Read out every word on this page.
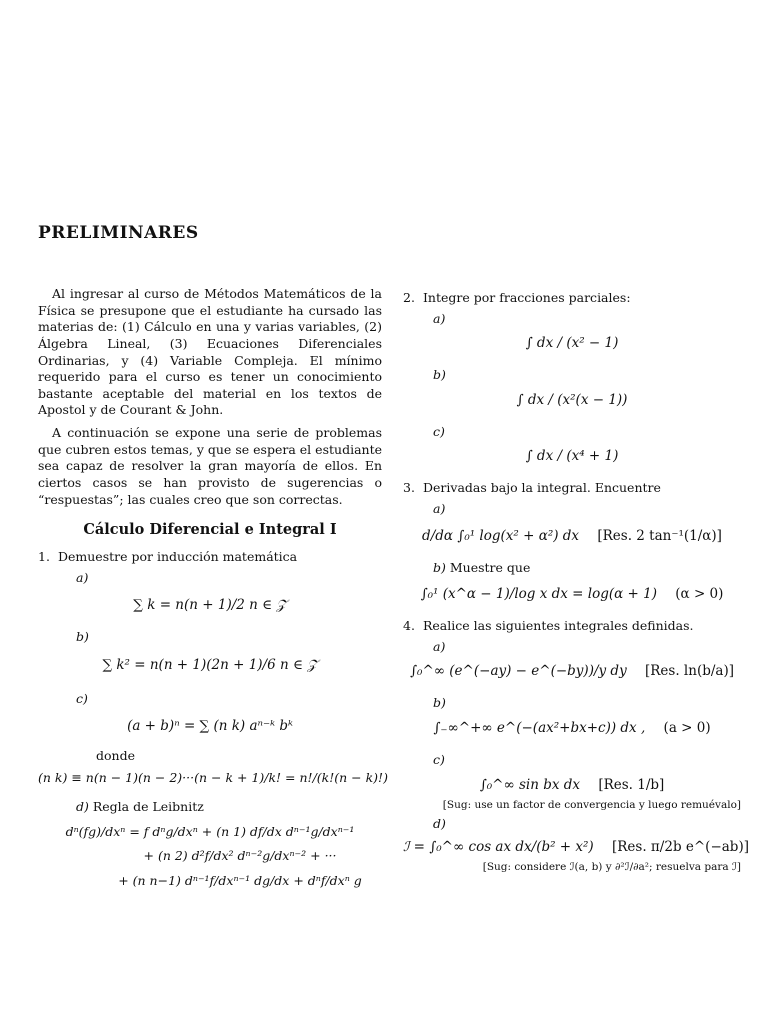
PRELIMINARES

Al ingresar al curso de Métodos Matemáticos de la Física se presupone que el estudiante ha cursado las materias de: (1) Cálculo en una y varias variables, (2) Álgebra Lineal, (3) Ecuaciones Diferenciales Ordinarias, y (4) Variable Compleja. El mínimo requerido para el curso es tener un conocimiento bastante aceptable del material en los textos de Apostol y de Courant & John.

A continuación se expone una serie de problemas que cubren estos temas, y que se espera el estudiante sea capaz de resolver la gran mayoría de ellos. En ciertos casos se han provisto de sugerencias o “respuestas”; las cuales creo que son correctas.

Cálculo Diferencial e Integral I
1. Demuestre por inducción matemática
a)
∑ k = n(n + 1)/2 n ∈ 𝒵
b)
∑ k² = n(n + 1)(2n + 1)/6 n ∈ 𝒵
c)
(a + b)ⁿ = ∑ (n k) aⁿ⁻ᵏ bᵏ
donde
(n k) ≡ n(n − 1)(n − 2)···(n − k + 1)/k! = n!/(k!(n − k)!)
d) Regla de Leibnitz
dⁿ(fg)/dxⁿ = f dⁿg/dxⁿ + (n 1) df/dx dⁿ⁻¹g/dxⁿ⁻¹
+ (n 2) d²f/dx² dⁿ⁻²g/dxⁿ⁻² + ···
+ (n n−1) dⁿ⁻¹f/dxⁿ⁻¹ dg/dx + dⁿf/dxⁿ g
2. Integre por fracciones parciales:
a)
∫ dx / (x² − 1)
b)
∫ dx / (x²(x − 1))
c)
∫ dx / (x⁴ + 1)
3. Derivadas bajo la integral. Encuentre
a)
d/dα ∫₀¹ log(x² + α²) dx [Res. 2 tan⁻¹(1/α)]
b) Muestre que
∫₀¹ (x^α − 1)/log x dx = log(α + 1) (α > 0)
4. Realice las siguientes integrales definidas.
a)
∫₀^∞ (e^(−ay) − e^(−by))/y dy [Res. ln(b/a)]
b)
∫₋∞^+∞ e^(−(ax²+bx+c)) dx , (a > 0)
c)
∫₀^∞ sin bx dx [Res. 1/b]
[Sug: use un factor de convergencia y luego remuévalo]
d)
ℐ = ∫₀^∞ cos ax dx/(b² + x²) [Res. π/2b e^(−ab)]
[Sug: considere ℐ(a, b) y ∂²ℐ/∂a²; resuelva para ℐ]
